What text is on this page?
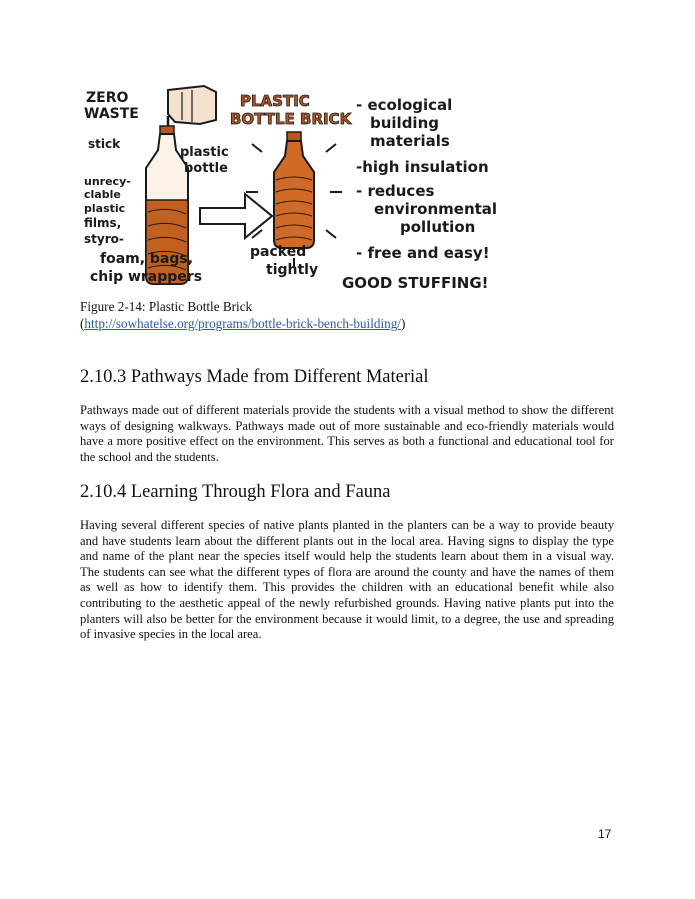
ZERO
WASTE
stick
plastic
bottle
unrecy-
clable
plastic
films,
styro-
foam, bags,
chip wrappers
PLASTIC
BOTTLE BRICK
packed
tightly
- ecological
building
materials
-high insulation
- reduces
environmental
pollution
- free and easy!
GOOD STUFFING!
Figure 2-14: Plastic Bottle Brick
(http://sowhatelse.org/programs/bottle-brick-bench-building/)
2.10.3 Pathways Made from Different Material

Pathways made out of different materials provide the students with a visual method to show the different ways of designing walkways. Pathways made out of more sustainable and eco-friendly materials would have a more positive effect on the environment. This serves as both a functional and educational tool for the school and the students.

2.10.4 Learning Through Flora and Fauna

Having several different species of native plants planted in the planters can be a way to provide beauty and have students learn about the different plants out in the local area. Having signs to display the type and name of the plant near the species itself would help the students learn about them in a visual way. The students can see what the different types of flora are around the county and have the names of them as well as how to identify them. This provides the children with an educational benefit while also contributing to the aesthetic appeal of the newly refurbished grounds. Having native plants put into the planters will also be better for the environment because it would limit, to a degree, the use and spreading of invasive species in the local area.

17
